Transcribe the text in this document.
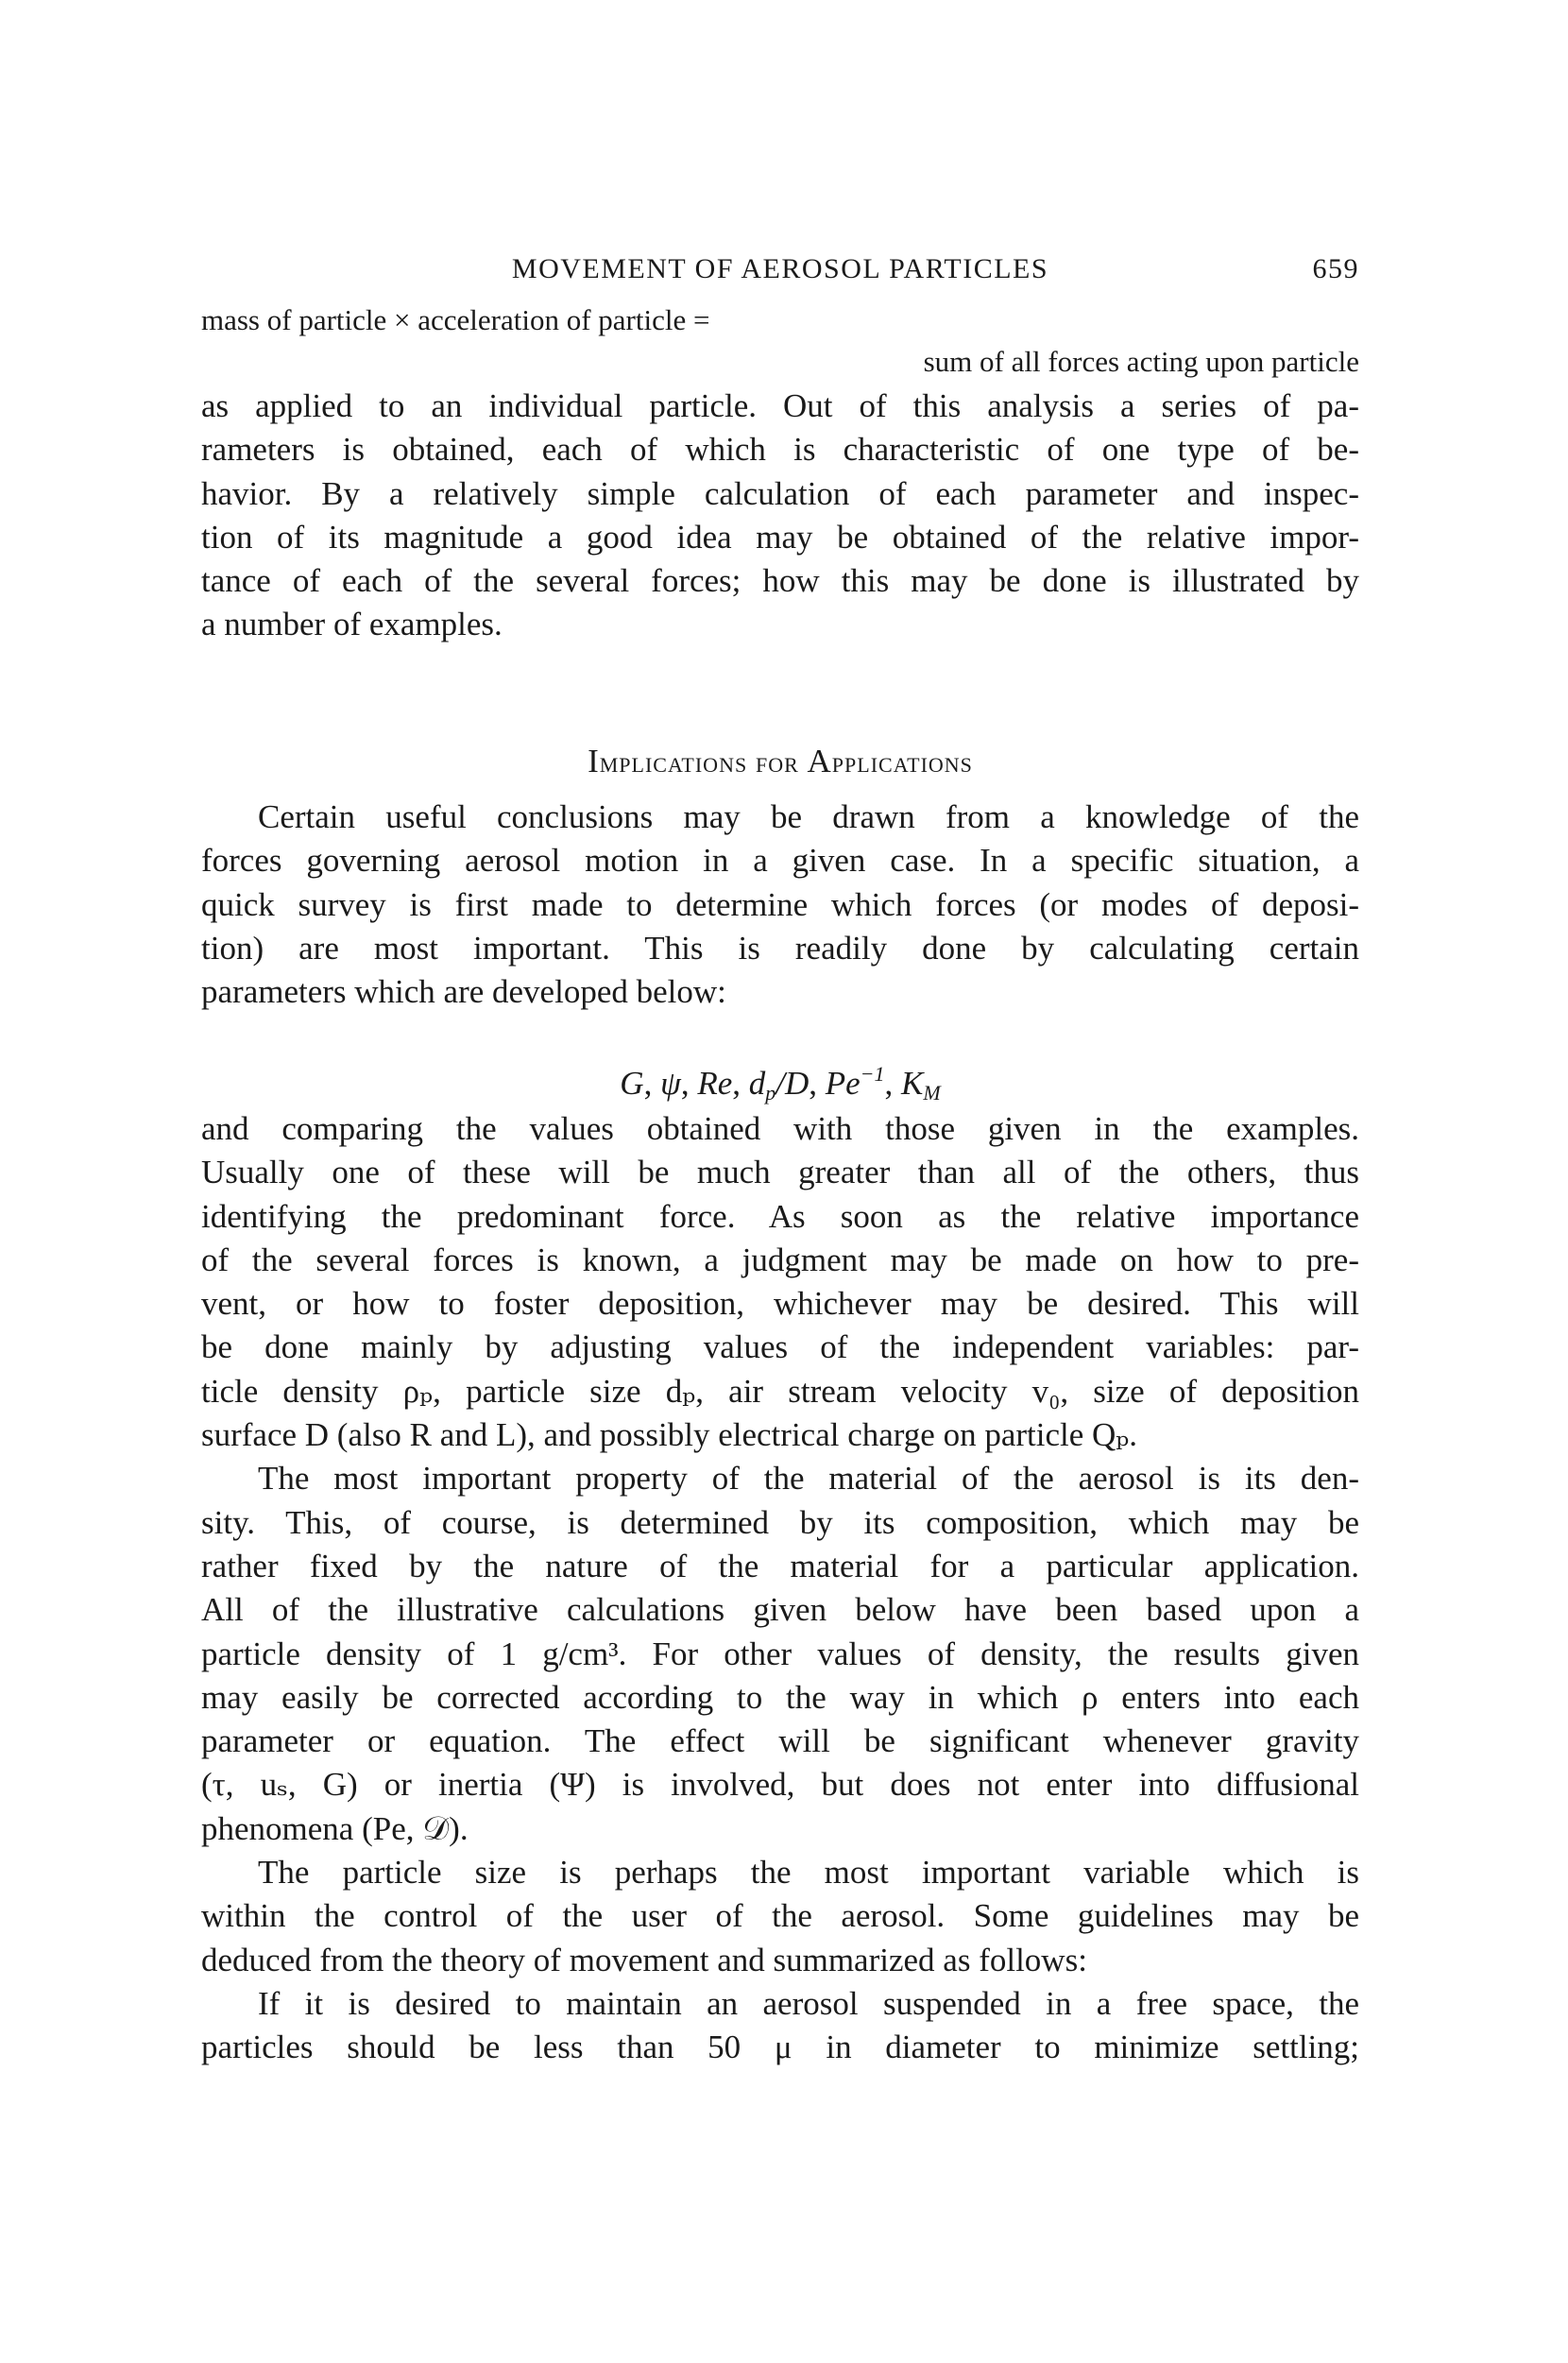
MOVEMENT OF AEROSOL PARTICLES	659
mass of particle × acceleration of particle =
sum of all forces acting upon particle
as applied to an individual particle. Out of this analysis a series of pa-
rameters is obtained, each of which is characteristic of one type of be-
havior. By a relatively simple calculation of each parameter and inspec-
tion of its magnitude a good idea may be obtained of the relative impor-
tance of each of the several forces; how this may be done is illustrated by
a number of examples.
Implications for Applications
Certain useful conclusions may be drawn from a knowledge of the
forces governing aerosol motion in a given case. In a specific situation, a
quick survey is first made to determine which forces (or modes of deposi-
tion) are most important. This is readily done by calculating certain
parameters which are developed below:
G, ψ, Re, $d_p/D$, $Pe^{-1}$, $K_M$
and comparing the values obtained with those given in the examples.
Usually one of these will be much greater than all of the others, thus
identifying the predominant force. As soon as the relative importance
of the several forces is known, a judgment may be made on how to pre-
vent, or how to foster deposition, whichever may be desired. This will
be done mainly by adjusting values of the independent variables: par-
ticle density ρₚ, particle size dₚ, air stream velocity v₀, size of deposition
surface D (also R and L), and possibly electrical charge on particle Qₚ.
The most important property of the material of the aerosol is its den-
sity. This, of course, is determined by its composition, which may be
rather fixed by the nature of the material for a particular application.
All of the illustrative calculations given below have been based upon a
particle density of 1 g/cm³. For other values of density, the results given
may easily be corrected according to the way in which ρ enters into each
parameter or equation. The effect will be significant whenever gravity
(τ, uₛ, G) or inertia (Ψ) is involved, but does not enter into diffusional
phenomena (Pe, 𝒟).
The particle size is perhaps the most important variable which is
within the control of the user of the aerosol. Some guidelines may be
deduced from the theory of movement and summarized as follows:
If it is desired to maintain an aerosol suspended in a free space, the
particles should be less than 50 μ in diameter to minimize settling;
